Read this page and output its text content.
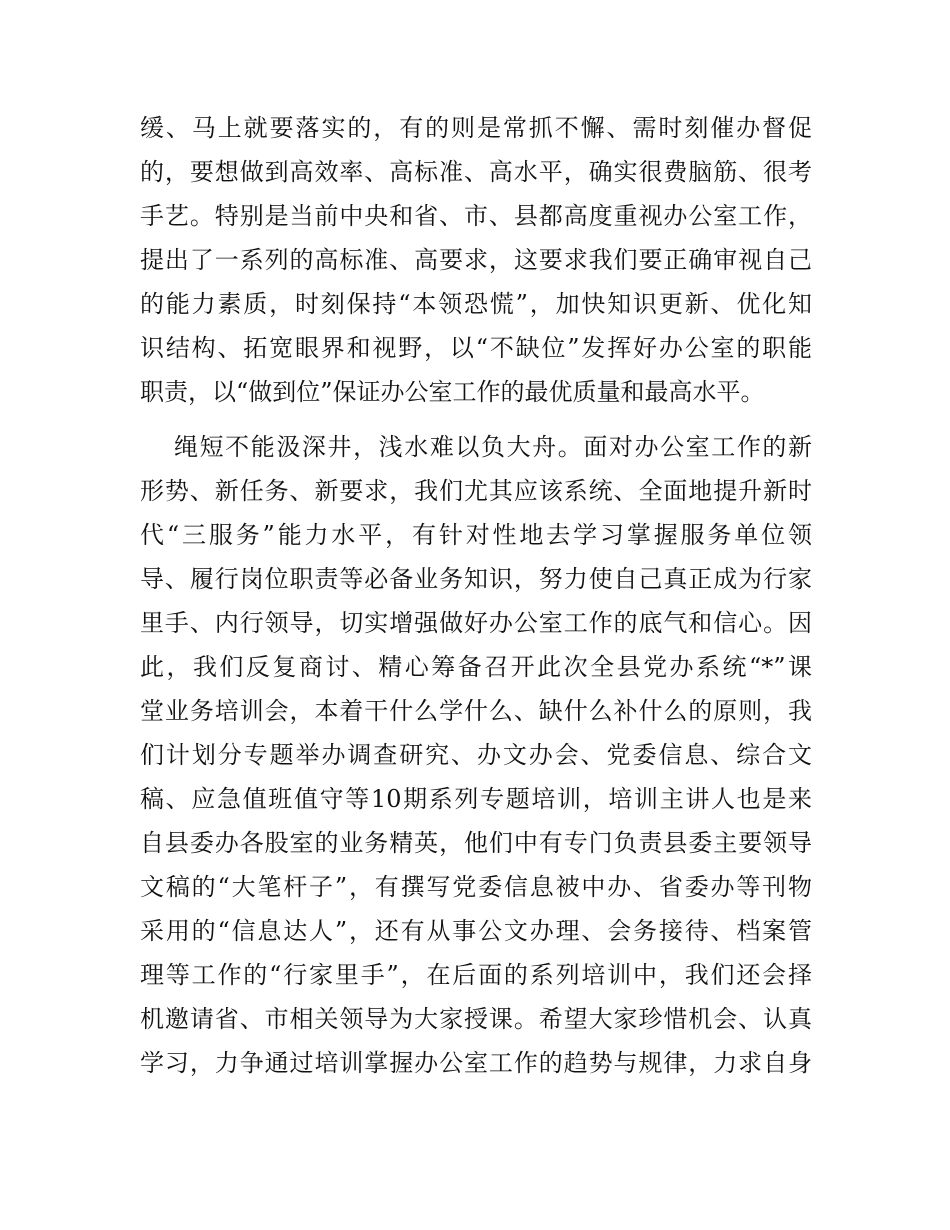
缓、马上就要落实的，有的则是常抓不懈、需时刻催办督促
的，要想做到高效率、高标准、高水平，确实很费脑筋、很考
手艺。特别是当前中央和省、市、县都高度重视办公室工作，
提出了一系列的高标准、高要求，这要求我们要正确审视自己
的能力素质，时刻保持“本领恐慌”，加快知识更新、优化知
识结构、拓宽眼界和视野，以“不缺位”发挥好办公室的职能
职责，以“做到位”保证办公室工作的最优质量和最高水平。

绳短不能汲深井，浅水难以负大舟。面对办公室工作的新
形势、新任务、新要求，我们尤其应该系统、全面地提升新时
代“三服务”能力水平，有针对性地去学习掌握服务单位领
导、履行岗位职责等必备业务知识，努力使自己真正成为行家
里手、内行领导，切实增强做好办公室工作的底气和信心。因
此，我们反复商讨、精心筹备召开此次全县党办系统“*”课
堂业务培训会，本着干什么学什么、缺什么补什么的原则，我
们计划分专题举办调查研究、办文办会、党委信息、综合文
稿、应急值班值守等10期系列专题培训，培训主讲人也是来
自县委办各股室的业务精英，他们中有专门负责县委主要领导
文稿的“大笔杆子”，有撰写党委信息被中办、省委办等刊物
采用的“信息达人”，还有从事公文办理、会务接待、档案管
理等工作的“行家里手”，在后面的系列培训中，我们还会择
机邀请省、市相关领导为大家授课。希望大家珍惜机会、认真
学习，力争通过培训掌握办公室工作的趋势与规律，力求自身
